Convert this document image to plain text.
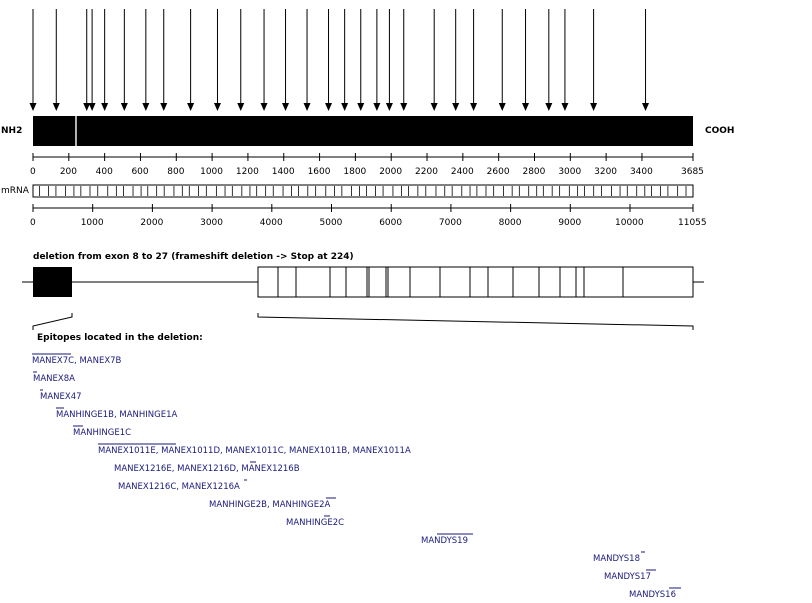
NH2	COOH
0	200 400 600 800 1000 1200 1400 1600 1800 2000 2200 2400 2600 2800 3000 3200 3400	3685
mRNA
0	1000	2000	3000	4000	5000	6000	7000	8000	9000	10000	11055
deletion from exon 8 to 27 (frameshift deletion -> Stop at 224)
Epitopes located in the deletion:
MANEX7C, MANEX7B
MANEX8A
MANEX47
MANHINGE1B, MANHINGE1A
MANHINGE1C
MANEX1011E, MANEX1011D, MANEX1011C, MANEX1011B, MANEX1011A
MANEX1216E, MANEX1216D, MANEX1216B
MANEX1216C, MANEX1216A
MANHINGE2B, MANHINGE2A
MANHINGE2C
MANDYS19
MANDYS18
MANDYS17
MANDYS16
